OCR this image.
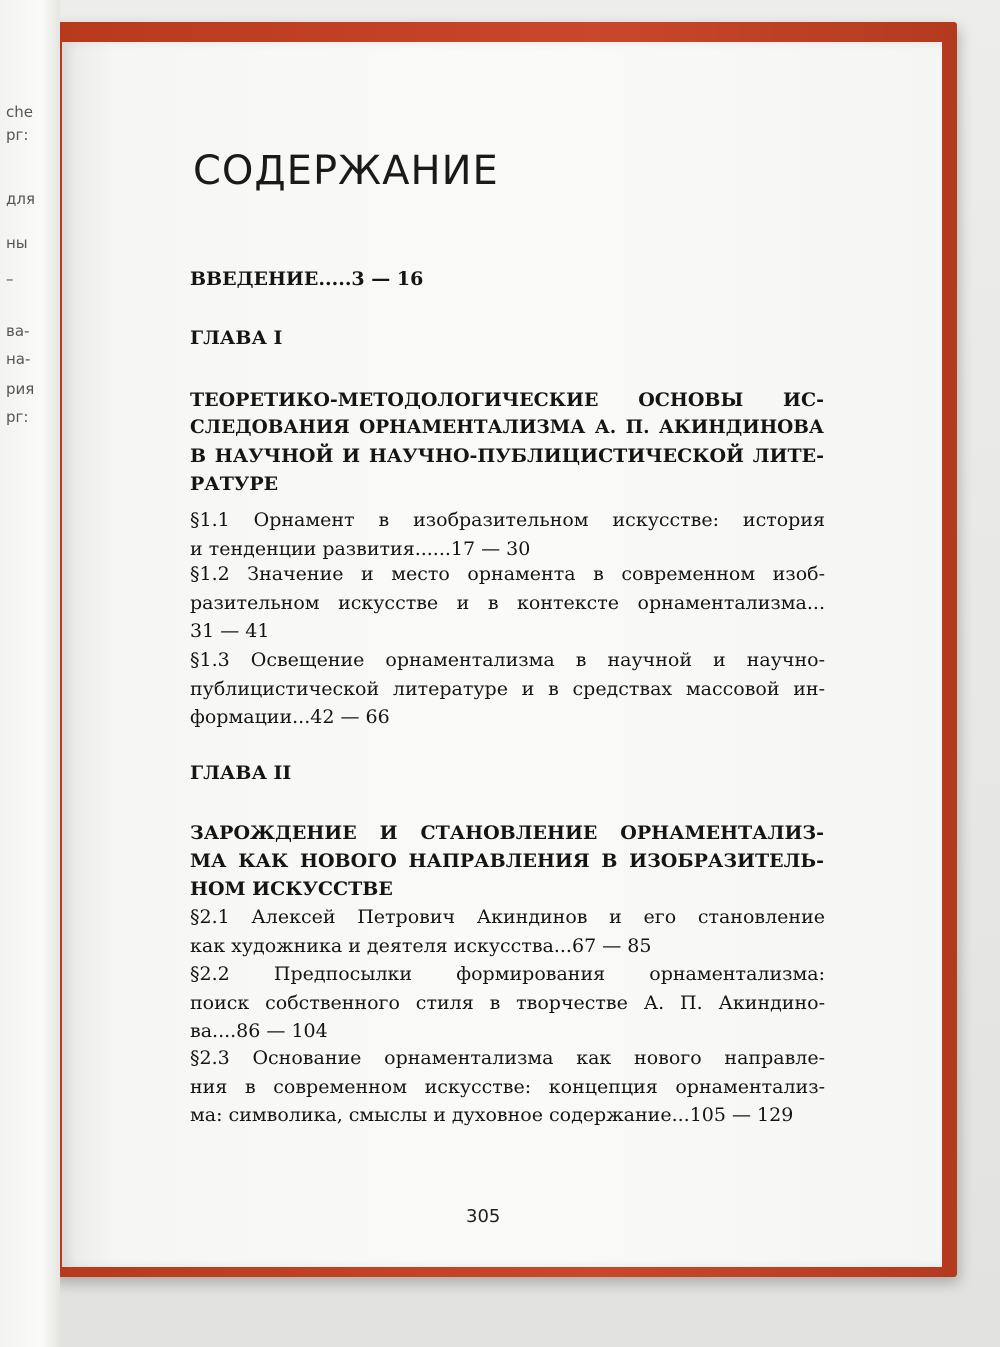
che
рг:
для
ны
–
ва-
на-
рия
рг:
СОДЕРЖАНИЕ
ВВЕДЕНИЕ.....3 — 16
ГЛАВА I
ТЕОРЕТИКО-МЕТОДОЛОГИЧЕСКИЕ ОСНОВЫ ИС-
СЛЕДОВАНИЯ ОРНАМЕНТАЛИЗМА А. П. АКИНДИНОВА
В НАУЧНОЙ И НАУЧНО-ПУБЛИЦИСТИЧЕСКОЙ ЛИТЕ-
РАТУРЕ
§1.1 Орнамент в изобразительном искусстве: история
и тенденции развития......17 — 30
§1.2 Значение и место орнамента в современном изоб-
разительном искусстве и в контексте орнаментализма...
31 — 41
§1.3 Освещение орнаментализма в научной и научно-
публицистической литературе и в средствах массовой ин-
формации...42 — 66
ГЛАВА II
ЗАРОЖДЕНИЕ И СТАНОВЛЕНИЕ ОРНАМЕНТАЛИЗ-
МА КАК НОВОГО НАПРАВЛЕНИЯ В ИЗОБРАЗИТЕЛЬ-
НОМ ИСКУССТВЕ
§2.1 Алексей Петрович Акиндинов и его становление
как художника и деятеля искусства...67 — 85
§2.2 Предпосылки формирования орнаментализма:
поиск собственного стиля в творчестве А. П. Акиндино-
ва....86 — 104
§2.3 Основание орнаментализма как нового направле-
ния в современном искусстве: концепция орнаментализ-
ма: символика, смыслы и духовное содержание...105 — 129
305
